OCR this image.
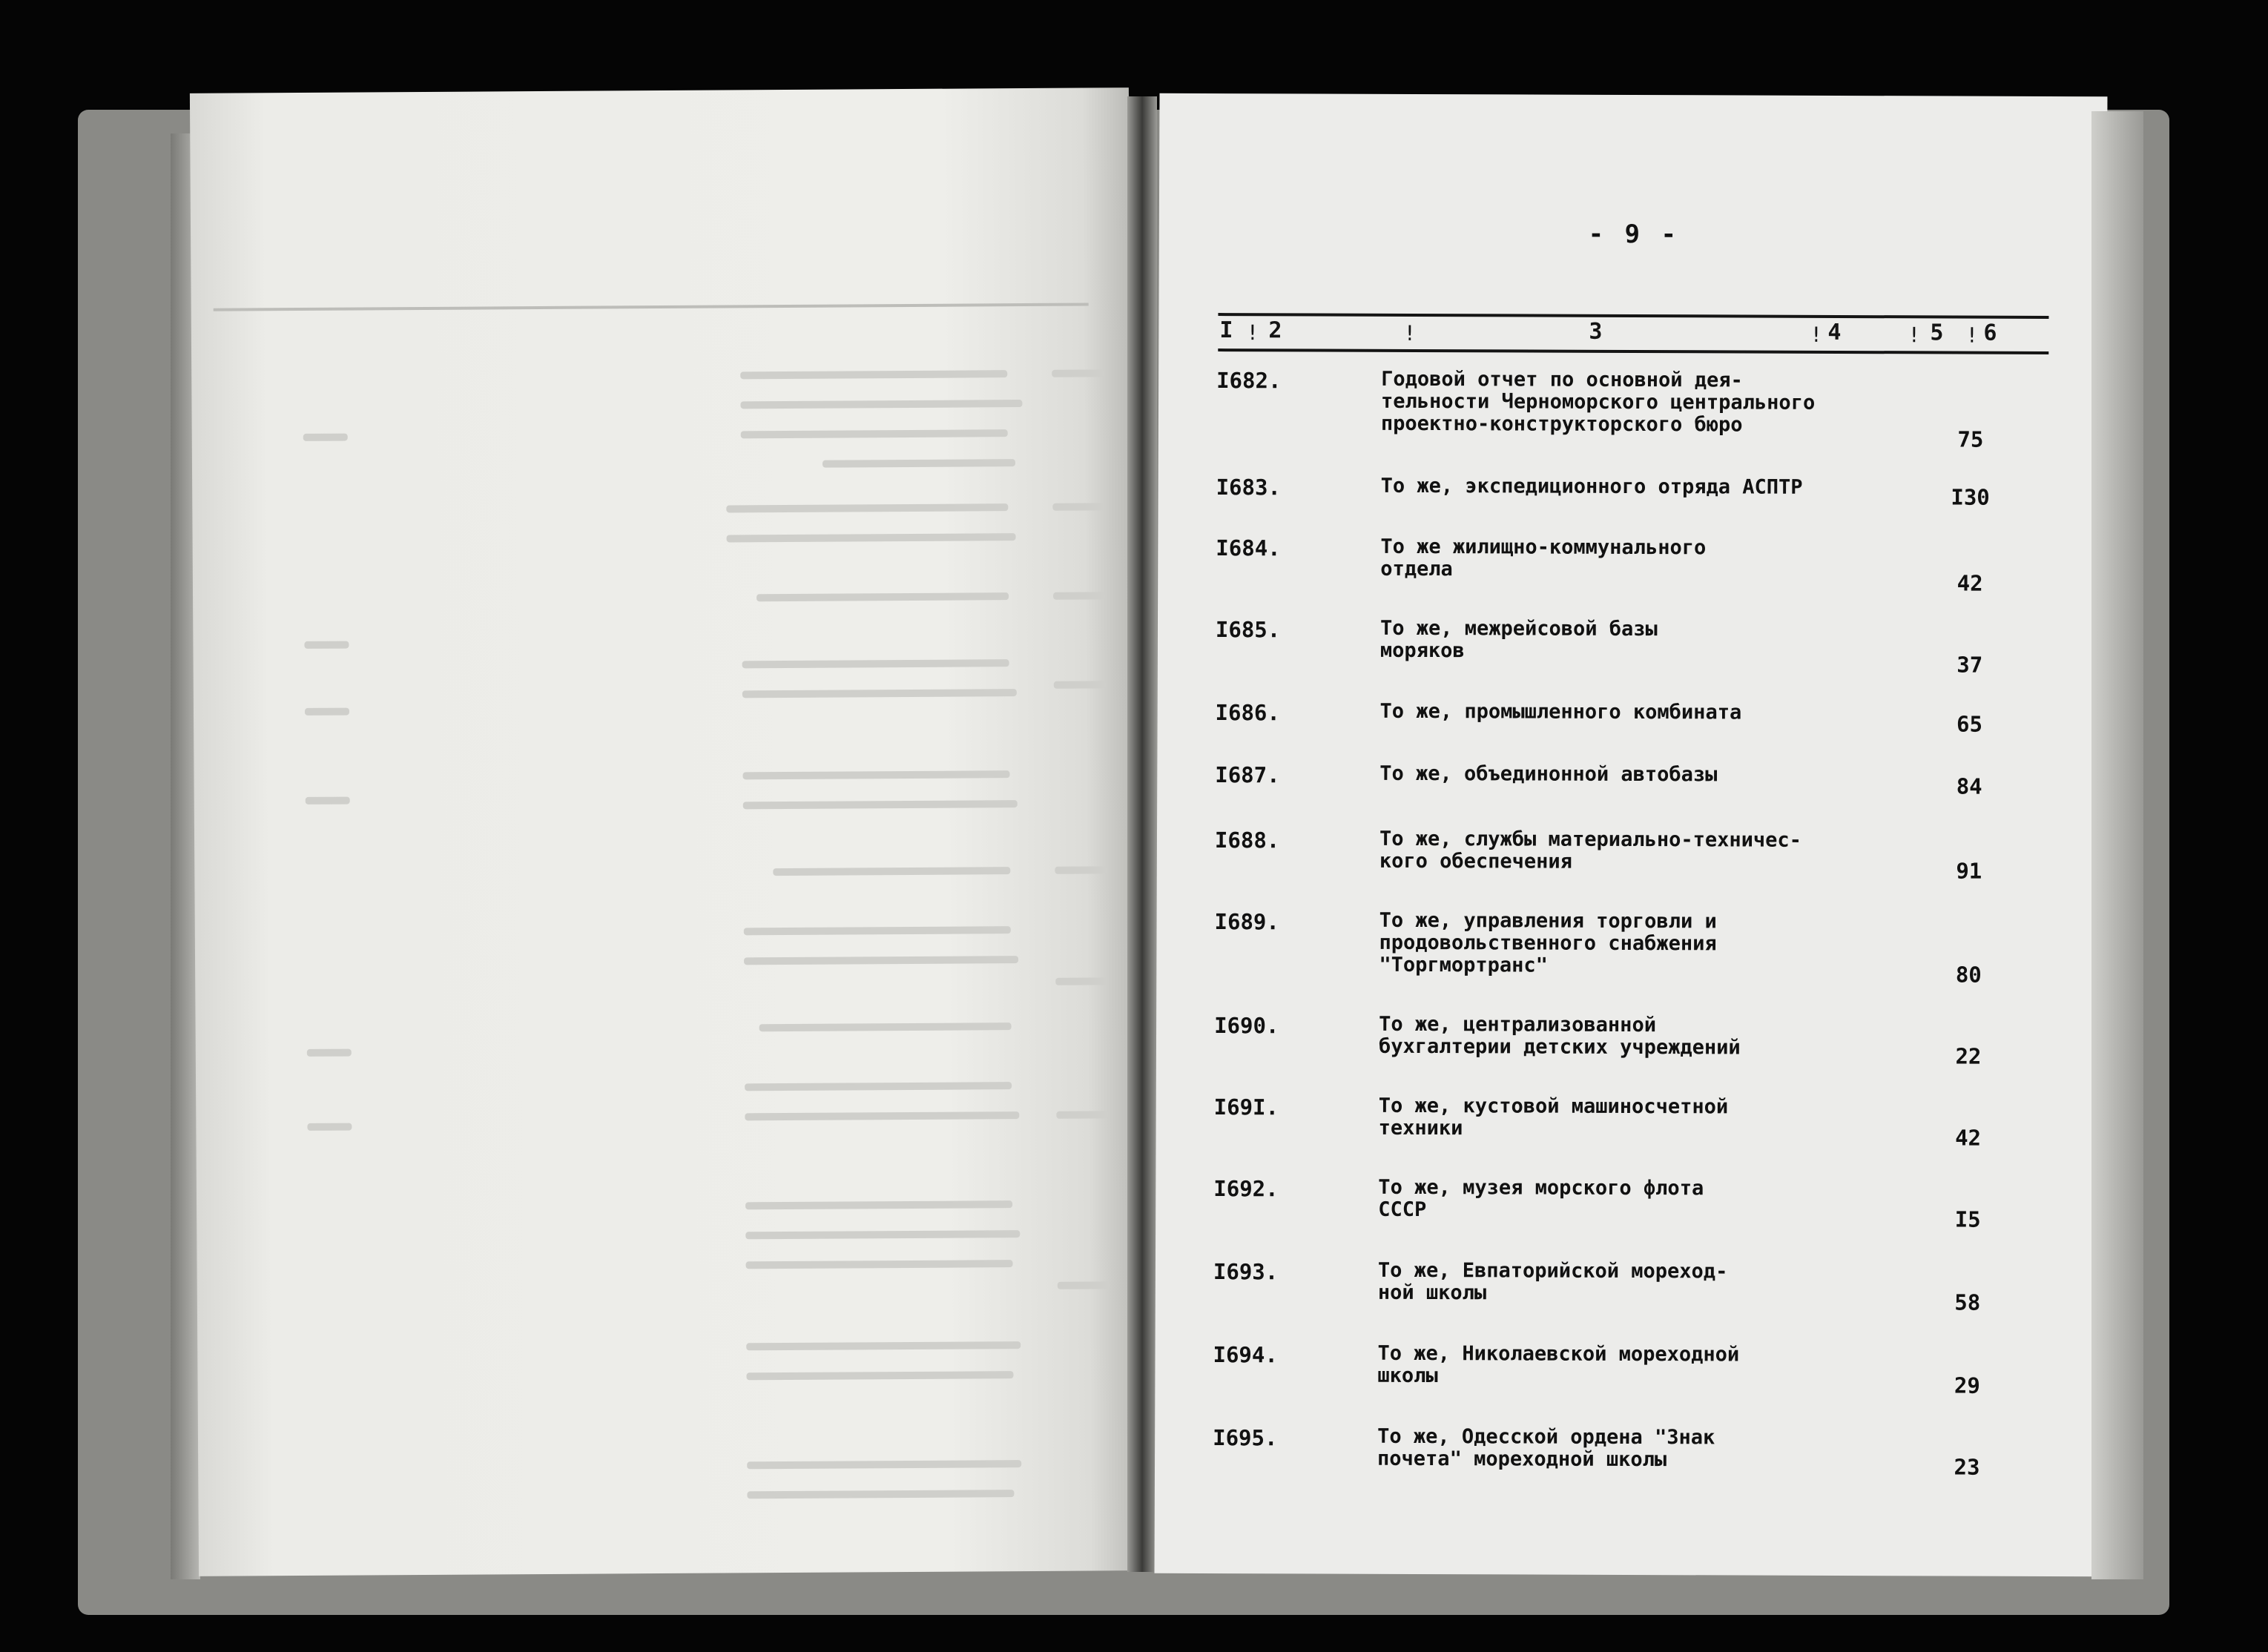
- 9 -
I ! 2	!	3	! 4	! 5 ! 6
I682.	Годовой отчет по основной дея-
тельности Черноморского центрального
проектно-конструкторского бюро
75
I683.	То же, экспедиционного отряда АСПТР	I30
I684.	То же жилищно-коммунального
отдела
42
I685.	То же, межрейсовой базы
моряков
37
I686.	То же, промышленного комбината	65
I687.	То же, объединонной автобазы	84
I688.	То же, службы материально-техничес-
кого обеспечения	91
I689.	То же, управления торговли и
продовольственного снабжения
"Торгмортранс"	80
I690.	То же, централизованной
бухгалтерии детских учреждений	22
I69I.	То же, кустовой машиносчетной
техники	42
I692.	То же, музея морского флота
СССР	I5
I693.	То же, Евпаторийской мореход-
ной школы	58
I694.	То же, Николаевской мореходной
школы	29
I695.	То же, Одесской ордена "Знак
почета" мореходной школы	23
